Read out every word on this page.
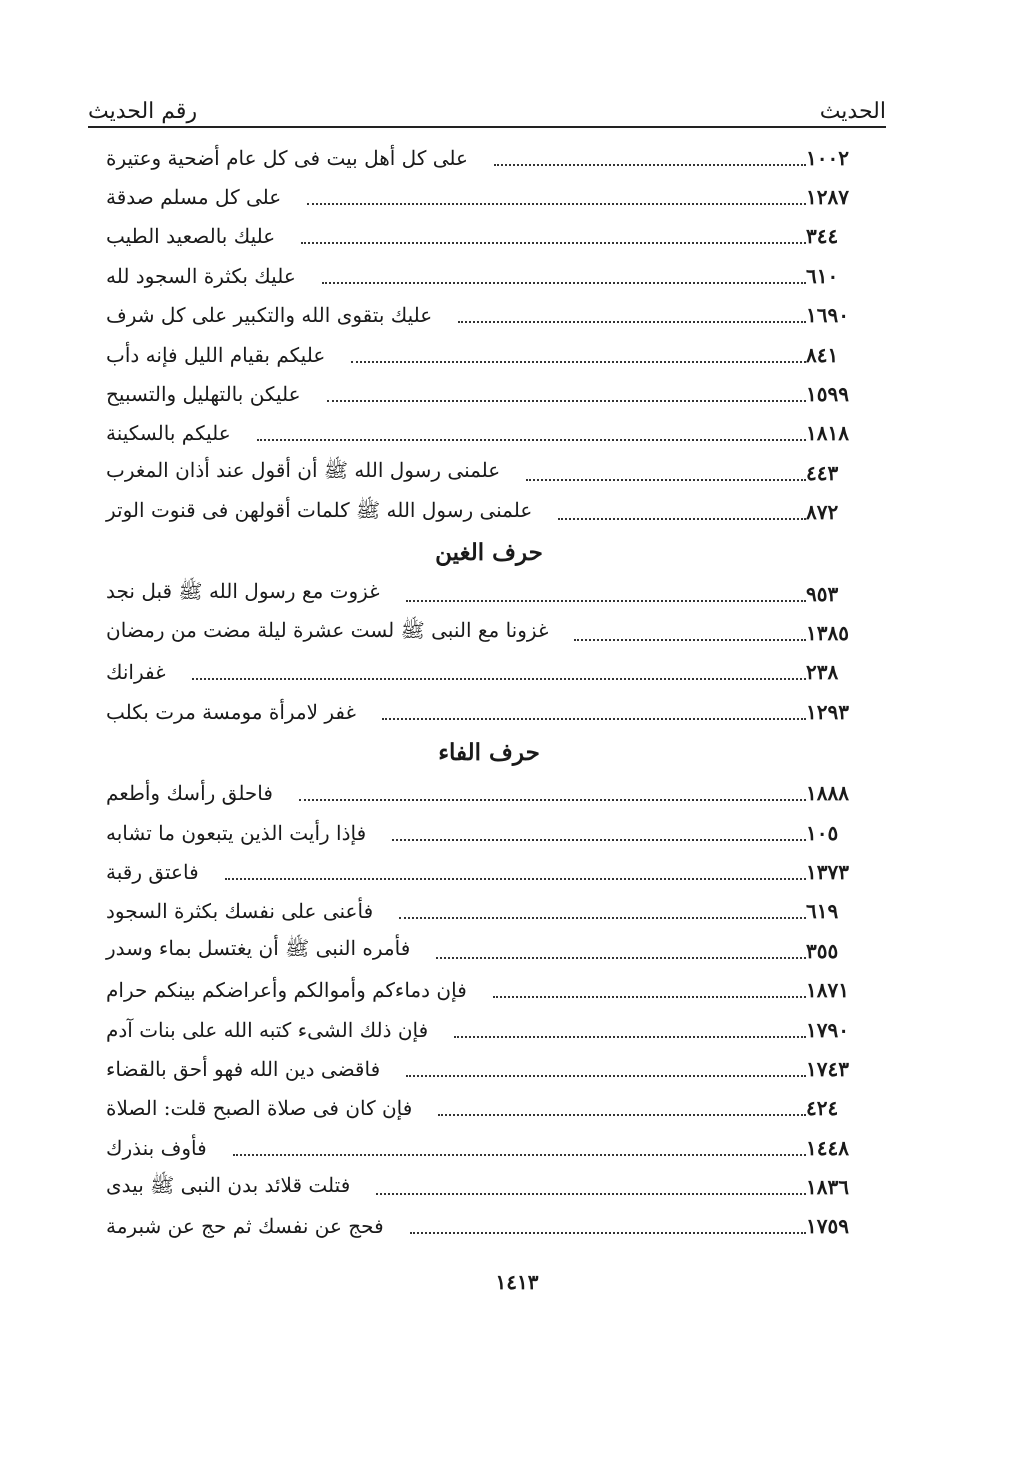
رقم الحديث	الحديث
على كل أهل بيت فى كل عام أضحية وعتيرة	١٠٠٢
على كل مسلم صدقة	١٢٨٧
عليك بالصعيد الطيب	٣٤٤
عليك بكثرة السجود لله	٦١٠
عليك بتقوى الله والتكبير على كل شرف	١٦٩٠
عليكم بقيام الليل فإنه دأب	٨٤١
عليكن بالتهليل والتسبيح	١٥٩٩
عليكم بالسكينة	١٨١٨
علمنى رسول الله ﷺ أن أقول عند أذان المغرب	٤٤٣
علمنى رسول الله ﷺ كلمات أقولهن فى قنوت الوتر	٨٧٢
حرف الغين
غزوت مع رسول الله ﷺ قبل نجد	٩٥٣
غزونا مع النبى ﷺ لست عشرة ليلة مضت من رمضان	١٣٨٥
غفرانك	٢٣٨
غفر لامرأة مومسة مرت بكلب	١٢٩٣
حرف الفاء
فاحلق رأسك وأطعم	١٨٨٨
فإذا رأيت الذين يتبعون ما تشابه	١٠٥
فاعتق رقبة	١٣٧٣
فأعنى على نفسك بكثرة السجود	٦١٩
فأمره النبى ﷺ أن يغتسل بماء وسدر	٣٥٥
فإن دماءكم وأموالكم وأعراضكم بينكم حرام	١٨٧١
فإن ذلك الشىء كتبه الله على بنات آدم	١٧٩٠
فاقضى دين الله فهو أحق بالقضاء	١٧٤٣
فإن كان فى صلاة الصبح قلت: الصلاة	٤٢٤
فأوف بنذرك	١٤٤٨
فتلت قلائد بدن النبى ﷺ بيدى	١٨٣٦
فحج عن نفسك ثم حج عن شبرمة	١٧٥٩
١٤١٣
